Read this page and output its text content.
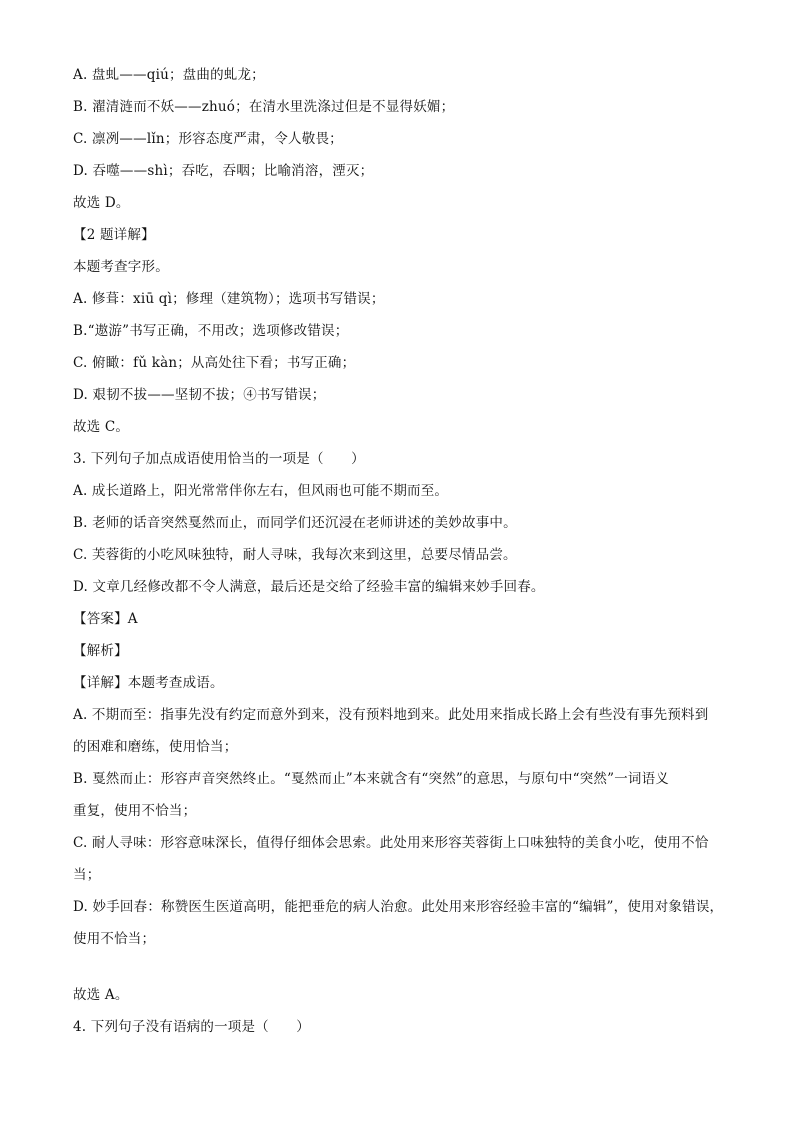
A. 盘虬——qiú；盘曲的虬龙；
B. 濯清涟而不妖——zhuó；在清水里洗涤过但是不显得妖媚；
C. 凛冽——lǐn；形容态度严肃，令人敬畏；
D. 吞噬——shì；吞吃，吞咽；比喻消溶，湮灭；
故选 D。
【2 题详解】
本题考查字形。
A. 修葺：xiū qì；修理（建筑物）；选项书写错误；
B.“遨游”书写正确，不用改；选项修改错误；
C. 俯瞰：fǔ kàn；从高处往下看；书写正确；
D. 艰韧不拔——坚韧不拔；④书写错误；
故选 C。
3. 下列句子加点成语使用恰当的一项是（　　）
A. 成长道路上，阳光常常伴你左右，但风雨也可能不期而至。
B. 老师的话音突然戛然而止，而同学们还沉浸在老师讲述的美妙故事中。
C. 芙蓉街的小吃风味独特，耐人寻味，我每次来到这里，总要尽情品尝。
D. 文章几经修改都不令人满意，最后还是交给了经验丰富的编辑来妙手回春。
【答案】A
【解析】
【详解】本题考查成语。
A. 不期而至：指事先没有约定而意外到来，没有预料地到来。此处用来指成长路上会有些没有事先预料到
的困难和磨练，使用恰当；
B. 戛然而止：形容声音突然终止。“戛然而止”本来就含有“突然”的意思，与原句中“突然”一词语义
重复，使用不恰当；
C. 耐人寻味：形容意味深长，值得仔细体会思索。此处用来形容芙蓉街上口味独特的美食小吃，使用不恰
当；
D. 妙手回春：称赞医生医道高明，能把垂危的病人治愈。此处用来形容经验丰富的“编辑”，使用对象错误，
使用不恰当；
故选 A。
4. 下列句子没有语病的一项是（　　）
